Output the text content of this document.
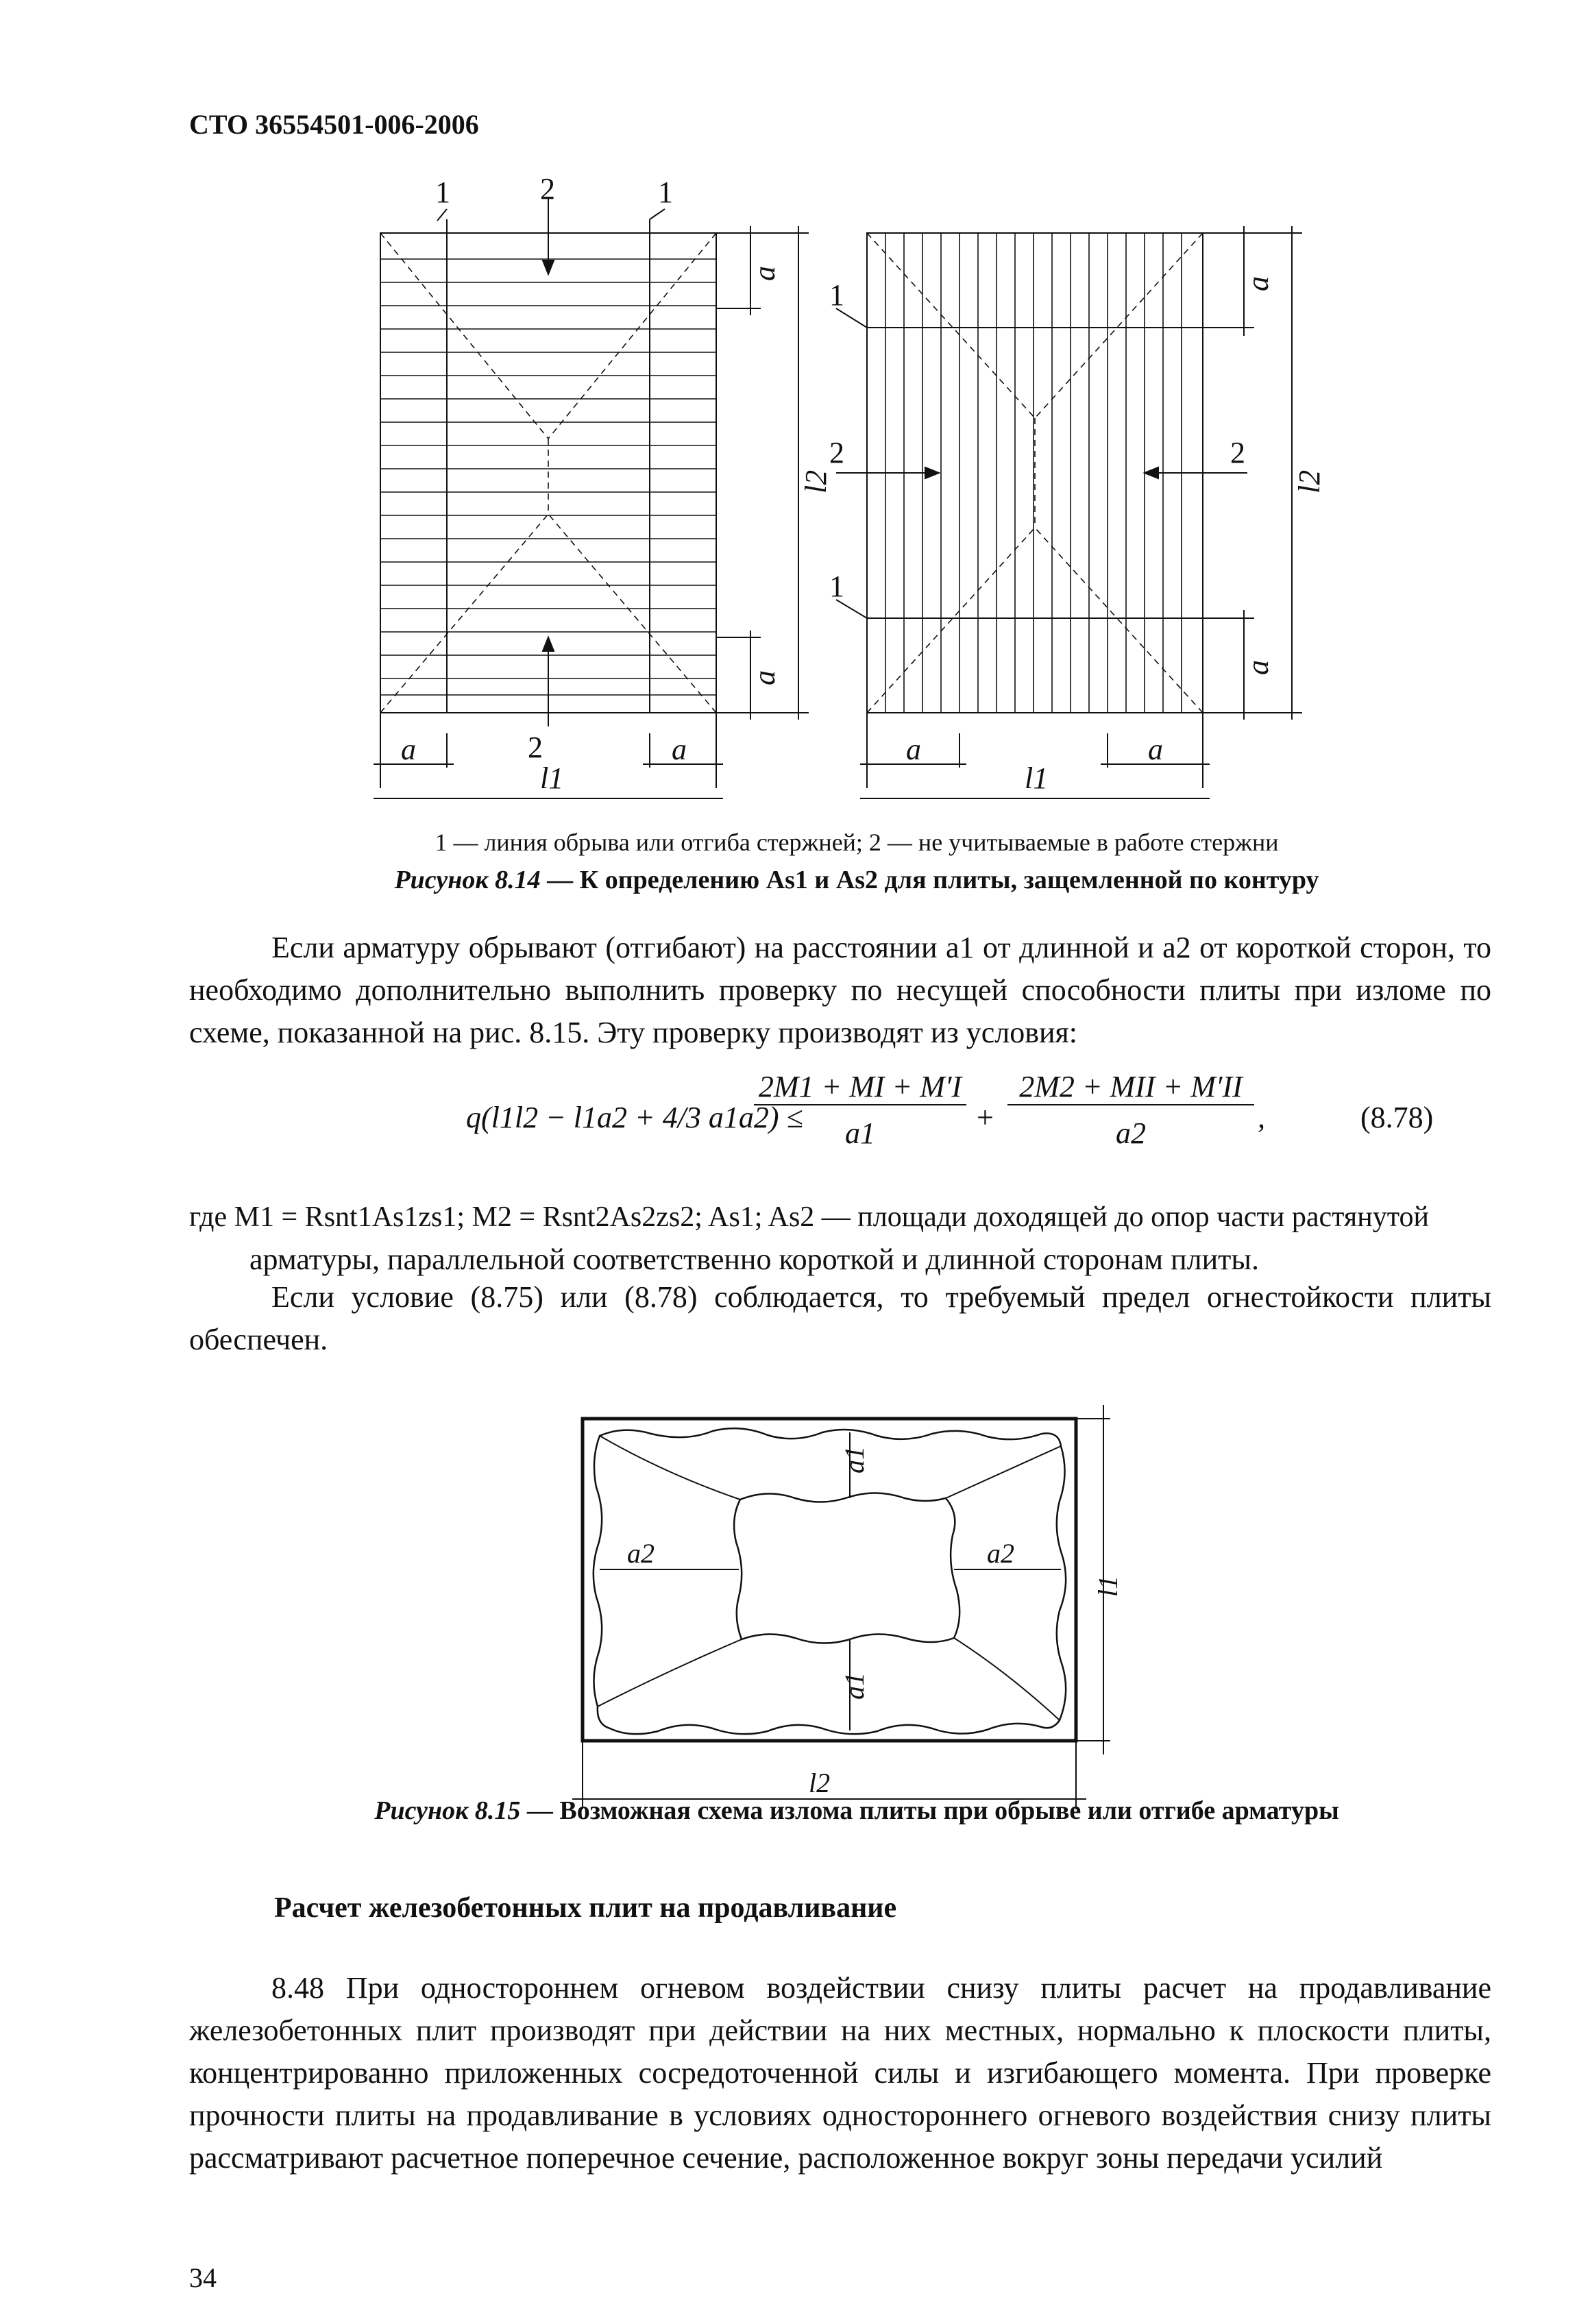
СТО 36554501-006-2006
1	2	1
2
a	a
l1
a
a
l2
1
1
2	2
a	a
l1
a
a
l2
1 — линия обрыва или отгиба стержней; 2 — не учитываемые в работе стержни
Рисунок 8.14 — К определению As1 и As2 для плиты, защемленной по контуру
Если арматуру обрывают (отгибают) на расстоянии a1 от длинной и a2 от короткой сторон, то необходимо дополнительно выполнить проверку по несущей способности плиты при изломе по схеме, показанной на рис. 8.15. Эту проверку производят из условия:
q(l1l2 − l1a2 + 4/3 a1a2) ≤
2M1 + MI + M′I
a1	+
2M2 + MII + M′II
a2	,	(8.78)
где M1 = Rsnt1As1zs1; M2 = Rsnt2As2zs2; As1; As2 — площади доходящей до опор части растянутой
арматуры, параллельной соответственно короткой и длинной сторонам плиты.
Если условие (8.75) или (8.78) соблюдается, то требуемый предел огнестойкости плиты обеспечен.
a1
a1
a2	a2
l1
l2
Рисунок 8.15 — Возможная схема излома плиты при обрыве или отгибе арматуры
Расчет железобетонных плит на продавливание
8.48 При одностороннем огневом воздействии снизу плиты расчет на продавливание железобетонных плит производят при действии на них местных, нормально к плоскости плиты, концентрированно приложенных сосредоточенной силы и изгибающего момента. При проверке прочности плиты на продавливание в условиях одностороннего огневого воздействия снизу плиты рассматривают расчетное поперечное сечение, расположенное вокруг зоны передачи усилий
34
